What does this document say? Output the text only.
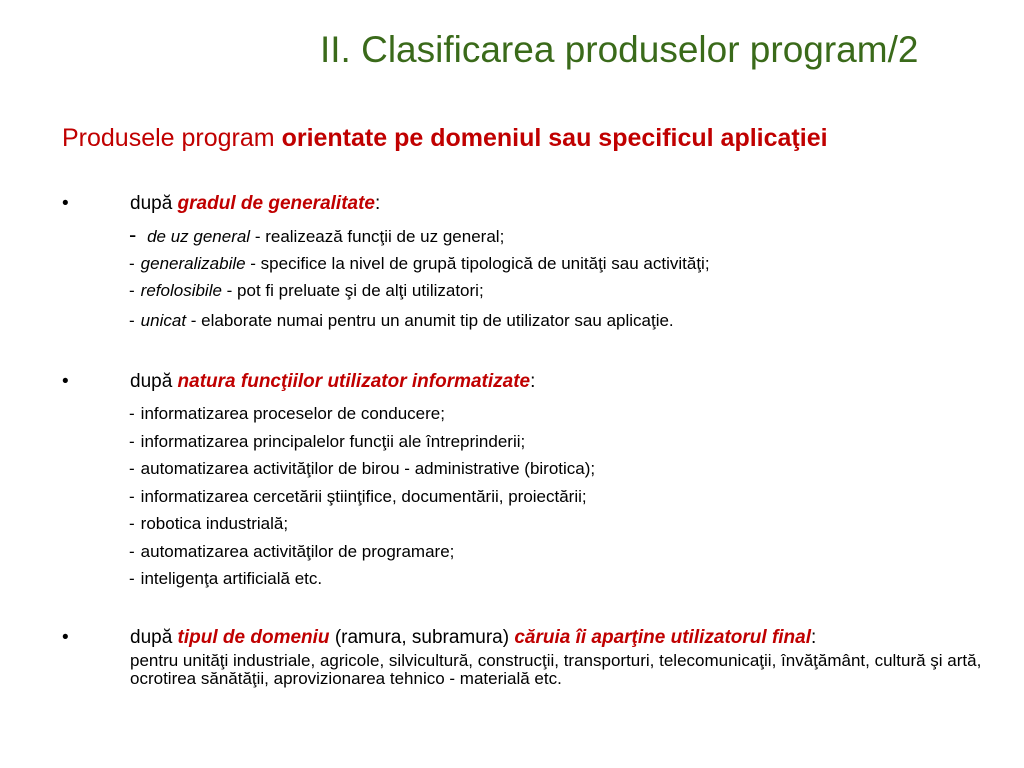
II. Clasificarea produselor program/2
Produsele program orientate pe domeniul sau specificul aplicaţiei
•	după gradul de generalitate:
- de uz general - realizează funcţii de uz general;
- generalizabile - specifice la nivel de grupă tipologică de unităţi sau activităţi;
- refolosibile - pot fi preluate şi de alţi utilizatori;
- unicat - elaborate numai pentru un anumit tip de utilizator sau aplicaţie.
•	după natura funcţiilor utilizator informatizate:
- informatizarea proceselor de conducere;
- informatizarea principalelor funcţii ale întreprinderii;
- automatizarea activităţilor de birou - administrative (birotica);
- informatizarea cercetării ştiinţifice, documentării, proiectării;
- robotica industrială;
- automatizarea activităţilor de programare;
- inteligenţa artificială etc.
•	după tipul de domeniu (ramura, subramura) căruia îi aparţine utilizatorul final:
pentru unităţi industriale, agricole, silvicultură, construcţii, transporturi, telecomunicaţii, învăţământ, cultură şi artă, ocrotirea sănătăţii, aprovizionarea tehnico - materială etc.
